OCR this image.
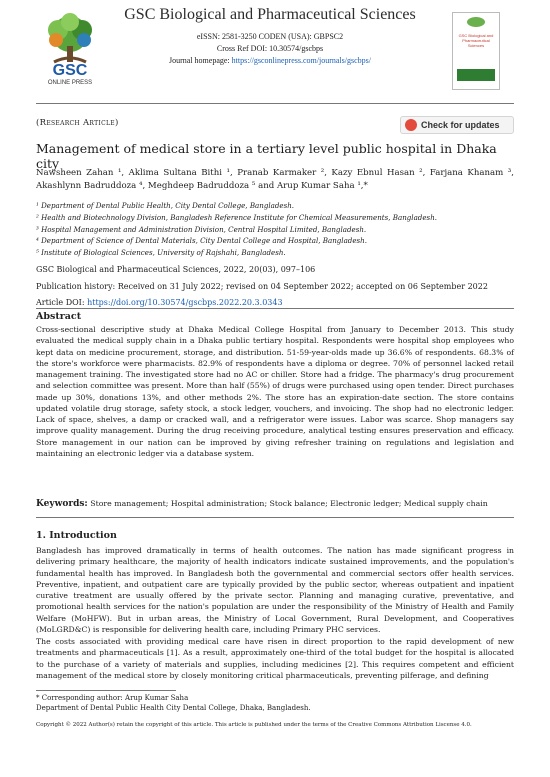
GSC
ONLINE PRESS
GSC Biological and Pharmaceutical Sciences
eISSN: 2581-3250 CODEN (USA): GBPSC2
Cross Ref DOI: 10.30574/gscbps
Journal homepage: https://gsconlinepress.com/journals/gscbps/
GSC Biological and Pharmaceutical Sciences
(Research Article)	Check for updates
Management of medical store in a tertiary level public hospital in Dhaka city
Nawsheen Zahan ¹, Aklima Sultana Bithi ¹, Pranab Karmaker ², Kazy Ebnul Hasan ², Farjana Khanam ³, Akashlynn Badruddoza ⁴, Meghdeep Badruddoza ⁵ and Arup Kumar Saha ¹,*
¹ Department of Dental Public Health, City Dental College, Bangladesh.
² Health and Biotechnology Division, Bangladesh Reference Institute for Chemical Measurements, Bangladesh.
³ Hospital Management and Administration Division, Central Hospital Limited, Bangladesh.
⁴ Department of Science of Dental Materials, City Dental College and Hospital, Bangladesh.
⁵ Institute of Biological Sciences, University of Rajshahi, Bangladesh.
GSC Biological and Pharmaceutical Sciences, 2022, 20(03), 097–106
Publication history: Received on 31 July 2022; revised on 04 September 2022; accepted on 06 September 2022
Article DOI: https://doi.org/10.30574/gscbps.2022.20.3.0343
Abstract
Cross-sectional descriptive study at Dhaka Medical College Hospital from January to December 2013. This study evaluated the medical supply chain in a Dhaka public tertiary hospital. Respondents were hospital shop employees who kept data on medicine procurement, storage, and distribution. 51-59-year-olds made up 36.6% of respondents. 68.3% of the store's workforce were pharmacists. 82.9% of respondents have a diploma or degree. 70% of personnel lacked retail management training. The investigated store had no AC or chiller. Store had a fridge. The pharmacy's drug procurement and selection committee was present. More than half (55%) of drugs were purchased using open tender. Direct purchases made up 30%, donations 13%, and other methods 2%. The store has an expiration-date section. The store contains updated volatile drug storage, safety stock, a stock ledger, vouchers, and invoicing. The shop had no electronic ledger. Lack of space, shelves, a damp or cracked wall, and a refrigerator were issues. Labor was scarce. Shop managers say improve quality management. During the drug receiving procedure, analytical testing ensures preservation and efficacy. Store management in our nation can be improved by giving refresher training on regulations and legislation and maintaining an electronic ledger via a database system.
Keywords: Store management; Hospital administration; Stock balance; Electronic ledger; Medical supply chain
1. Introduction
Bangladesh has improved dramatically in terms of health outcomes. The nation has made significant progress in delivering primary healthcare, the majority of health indicators indicate sustained improvements, and the population's fundamental health has improved. In Bangladesh both the governmental and commercial sectors offer health services. Preventive, inpatient, and outpatient care are typically provided by the public sector, whereas outpatient and inpatient curative treatment are usually offered by the private sector. Planning and managing curative, preventative, and promotional health services for the nation's population are under the responsibility of the Ministry of Health and Family Welfare (MoHFW). But in urban areas, the Ministry of Local Government, Rural Development, and Cooperatives (MoLGRD&C) is responsible for delivering health care, including Primary PHC services.
The costs associated with providing medical care have risen in direct proportion to the rapid development of new treatments and pharmaceuticals [1]. As a result, approximately one-third of the total budget for the hospital is allocated to the purchase of a variety of materials and supplies, including medicines [2]. This requires competent and efficient management of the medical store by closely monitoring critical pharmaceuticals, preventing pilferage, and defining
* Corresponding author: Arup Kumar Saha
Department of Dental Public Health City Dental College, Dhaka, Bangladesh.
Copyright © 2022 Author(s) retain the copyright of this article. This article is published under the terms of the Creative Commons Attribution Liscense 4.0.
